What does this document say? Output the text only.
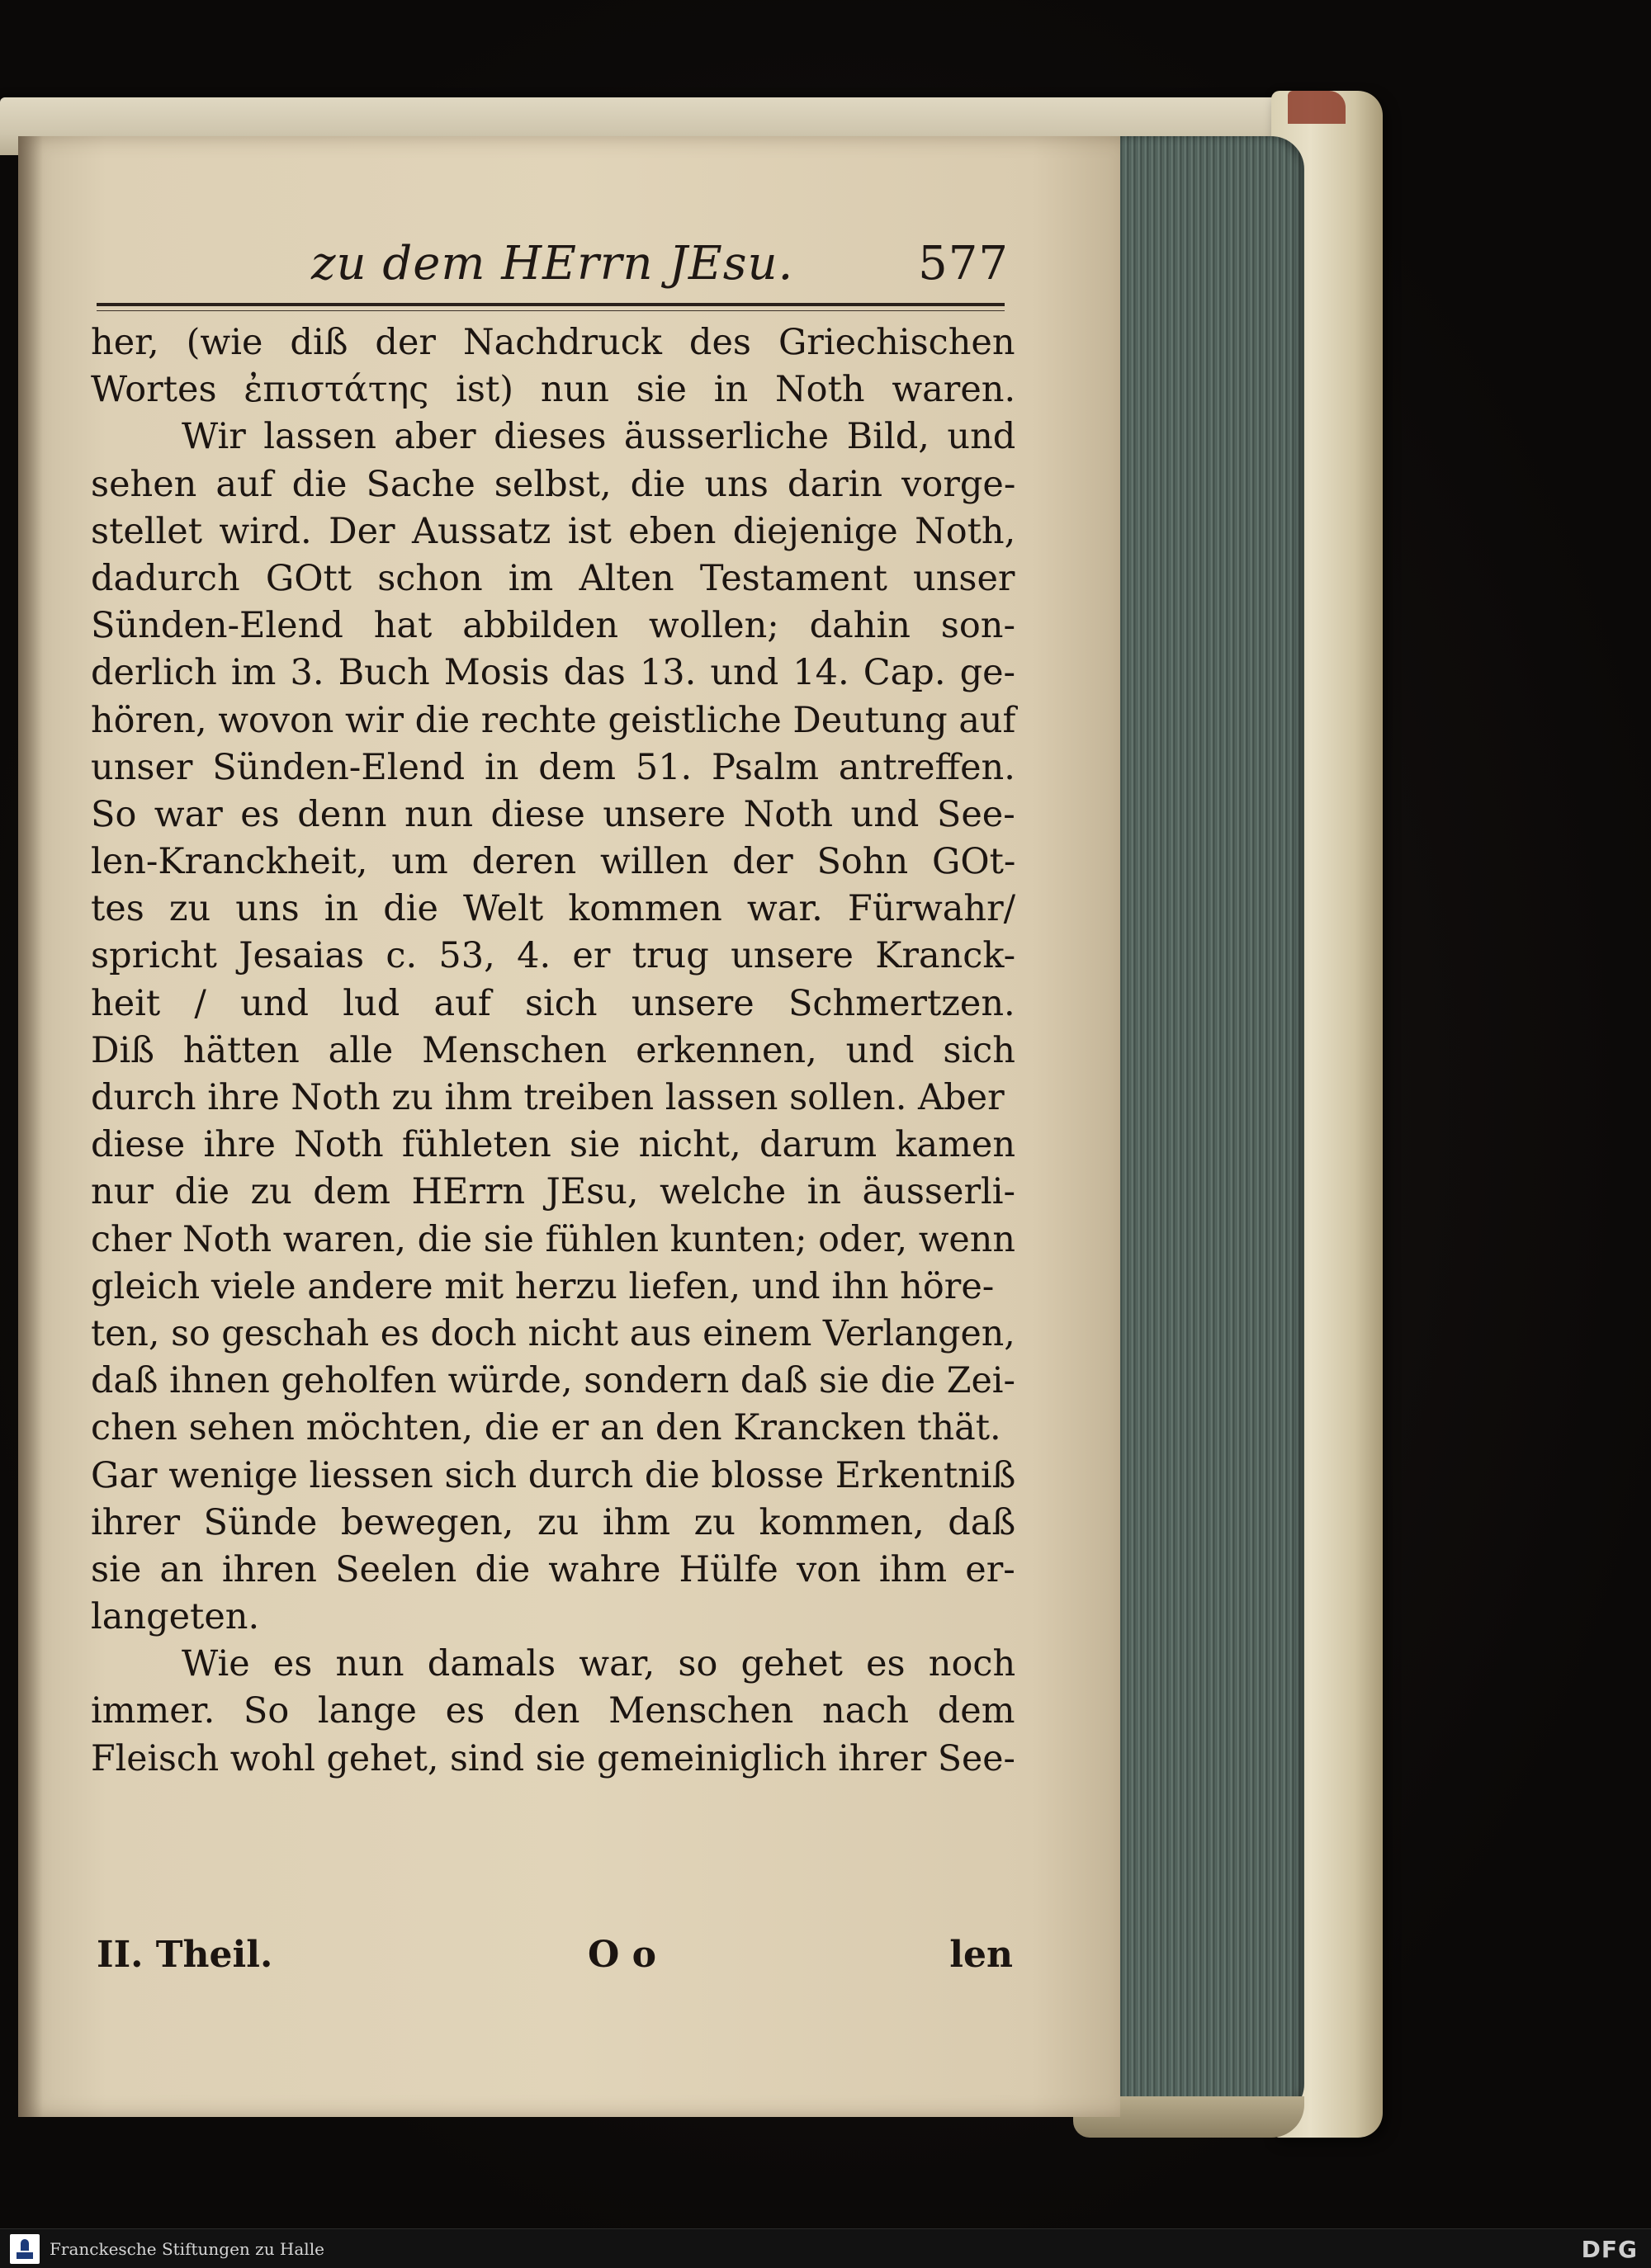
zu dem HErrn JEsu.	577
her, (wie diß der Nachdruck des Griechischen
Wortes ἐπιστάτης ist) nun sie in Noth waren.
Wir lassen aber dieses äusserliche Bild, und
sehen auf die Sache selbst, die uns darin vorge-
stellet wird. Der Aussatz ist eben diejenige Noth,
dadurch GOtt schon im Alten Testament unser
Sünden-Elend hat abbilden wollen; dahin son-
derlich im 3. Buch Mosis das 13. und 14. Cap. ge-
hören, wovon wir die rechte geistliche Deutung auf
unser Sünden-Elend in dem 51. Psalm antreffen.
So war es denn nun diese unsere Noth und See-
len-Kranckheit, um deren willen der Sohn GOt-
tes zu uns in die Welt kommen war. Fürwahr/
spricht Jesaias c. 53, 4. er trug unsere Kranck-
heit / und lud auf sich unsere Schmertzen.
Diß hätten alle Menschen erkennen, und sich
durch ihre Noth zu ihm treiben lassen sollen. Aber
diese ihre Noth fühleten sie nicht, darum kamen
nur die zu dem HErrn JEsu, welche in äusserli-
cher Noth waren, die sie fühlen kunten; oder, wenn
gleich viele andere mit herzu liefen, und ihn höre-
ten, so geschah es doch nicht aus einem Verlangen,
daß ihnen geholfen würde, sondern daß sie die Zei-
chen sehen möchten, die er an den Krancken thät.
Gar wenige liessen sich durch die blosse Erkentniß
ihrer Sünde bewegen, zu ihm zu kommen, daß
sie an ihren Seelen die wahre Hülfe von ihm er-
langeten.
Wie es nun damals war, so gehet es noch
immer. So lange es den Menschen nach dem
Fleisch wohl gehet, sind sie gemeiniglich ihrer See-
II. Theil.	O o	len
Franckesche Stiftungen zu Halle	DFG
